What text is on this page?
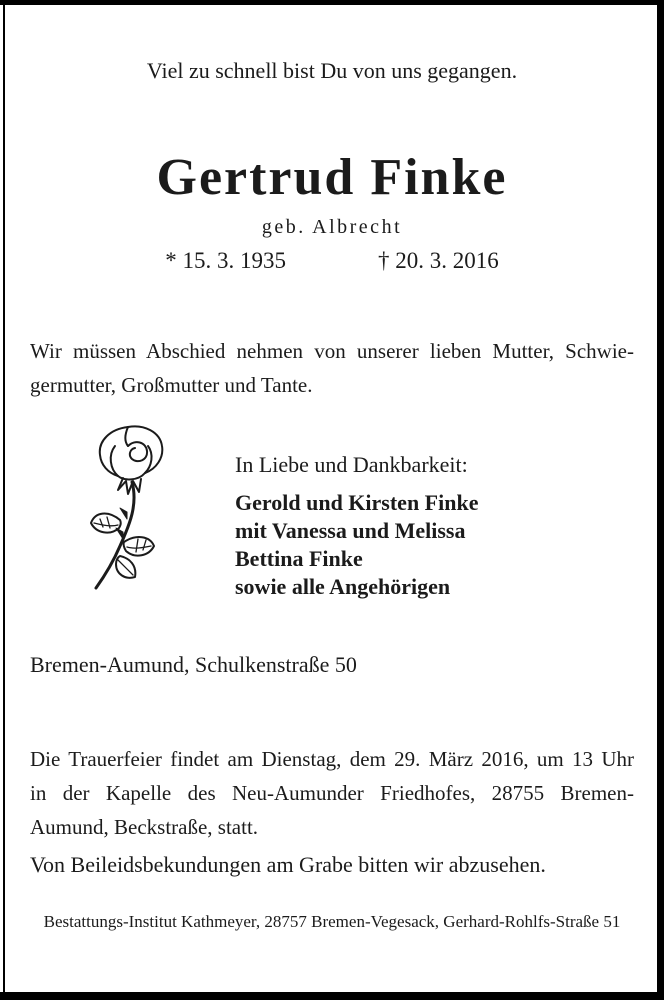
Viel zu schnell bist Du von uns gegangen.
Gertrud Finke
geb. Albrecht
* 15. 3. 1935	† 20. 3. 2016
Wir müssen Abschied nehmen von unserer lieben Mutter, Schwie-
germutter, Großmutter und Tante.
In Liebe und Dankbarkeit:
Gerold und Kirsten Finke
mit Vanessa und Melissa
Bettina Finke
sowie alle Angehörigen
Bremen-Aumund, Schulkenstraße 50
Die Trauerfeier findet am Dienstag, dem 29. März 2016, um 13 Uhr
in der Kapelle des Neu-Aumunder Friedhofes, 28755 Bremen-
Aumund, Beckstraße, statt.
Von Beileidsbekundungen am Grabe bitten wir abzusehen.
Bestattungs-Institut Kathmeyer, 28757 Bremen-Vegesack, Gerhard-Rohlfs-Straße 51
